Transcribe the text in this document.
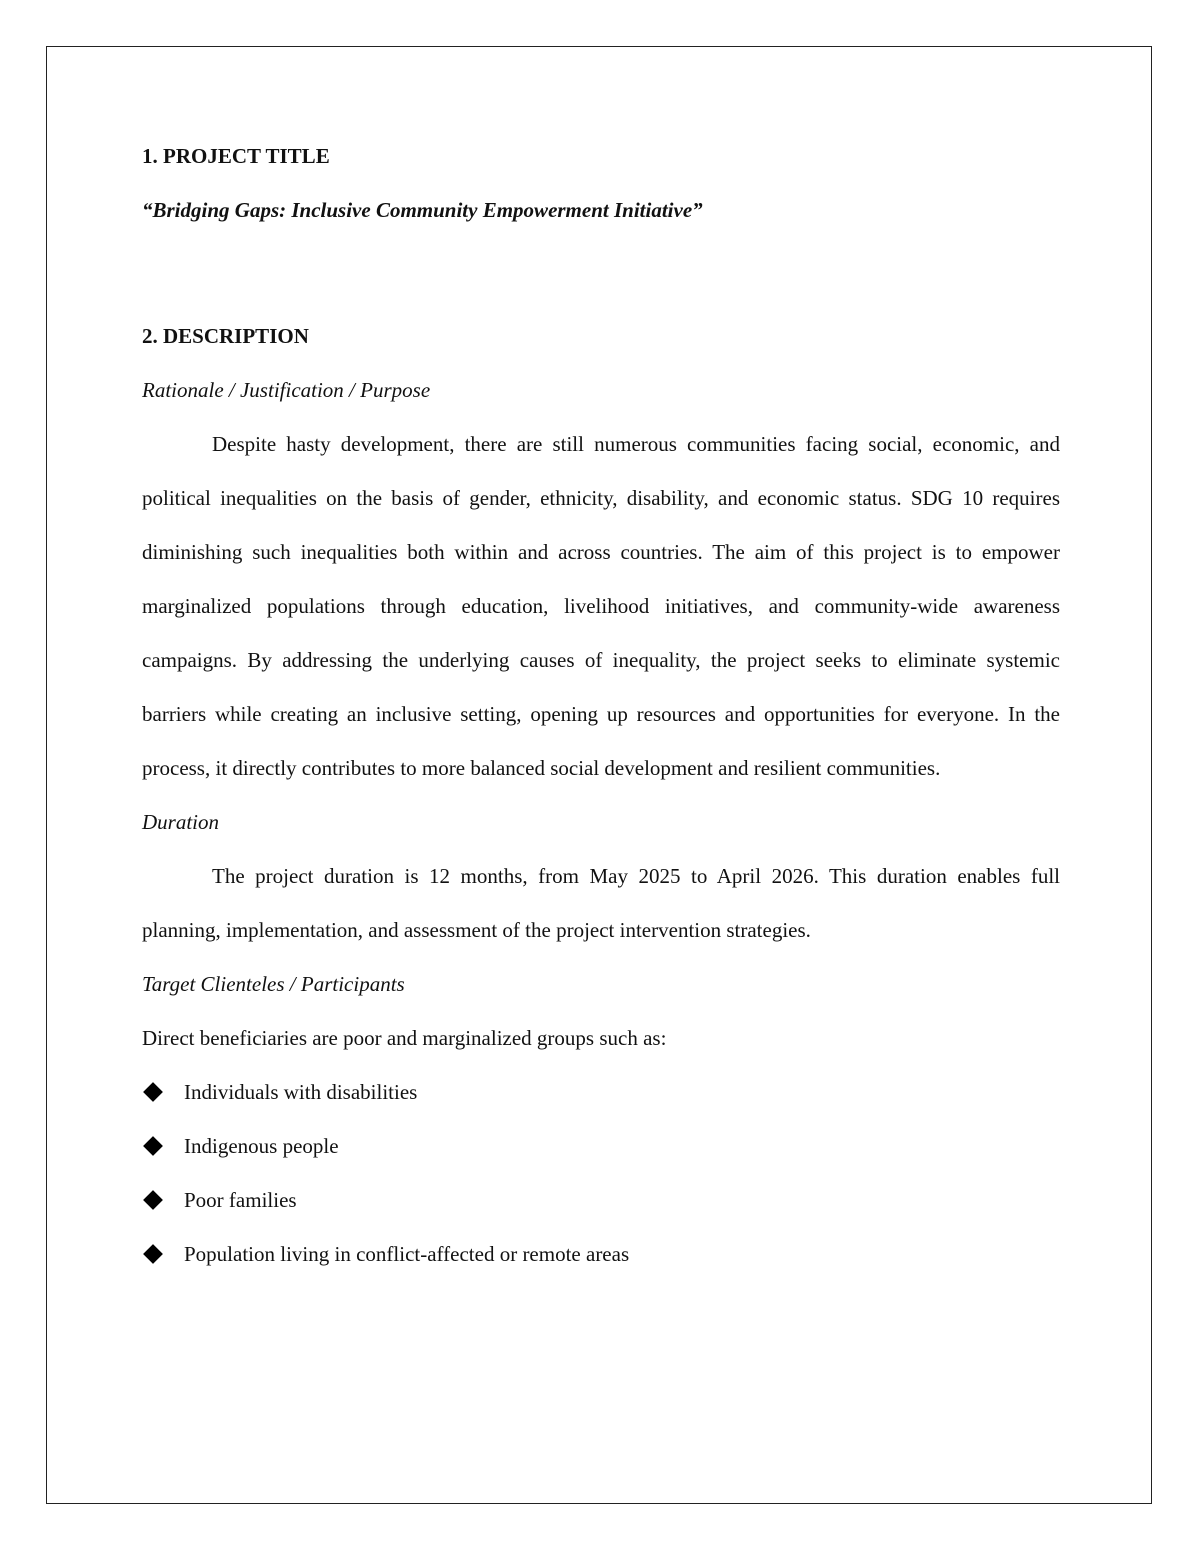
1. PROJECT TITLE

“Bridging Gaps: Inclusive Community Empowerment Initiative”

2. DESCRIPTION

Rationale / Justification / Purpose

Despite hasty development, there are still numerous communities facing social, economic, and political inequalities on the basis of gender, ethnicity, disability, and economic status. SDG 10 requires diminishing such inequalities both within and across countries. The aim of this project is to empower marginalized populations through education, livelihood initiatives, and community-wide awareness campaigns. By addressing the underlying causes of inequality, the project seeks to eliminate systemic barriers while creating an inclusive setting, opening up resources and opportunities for everyone. In the process, it directly contributes to more balanced social development and resilient communities.

Duration

The project duration is 12 months, from May 2025 to April 2026. This duration enables full planning, implementation, and assessment of the project intervention strategies.

Target Clienteles / Participants

Direct beneficiaries are poor and marginalized groups such as:

Individuals with disabilities
Indigenous people
Poor families
Population living in conflict-affected or remote areas
